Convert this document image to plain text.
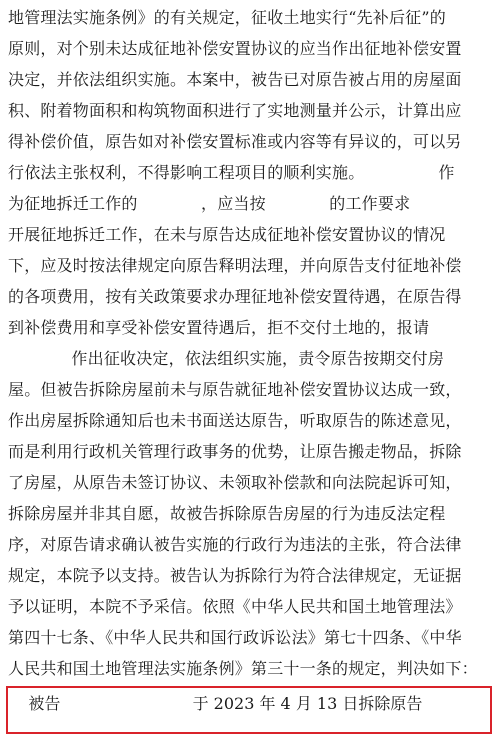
地管理法实施条例》的有关规定，征收土地实行“先补后征”的
原则，对个别未达成征地补偿安置协议的应当作出征地补偿安置
决定，并依法组织实施。本案中，被告已对原告被占用的房屋面
积、附着物面积和构筑物面积进行了实地测量并公示，计算出应
得补偿价值，原告如对补偿安置标准或内容等有异议的，可以另
行依法主张权利，不得影响工程项目的顺利实施。              作
为征地拆迁工作的            ，应当按            的工作要求
开展征地拆迁工作，在未与原告达成征地补偿安置协议的情况
下，应及时按法律规定向原告释明法理，并向原告支付征地补偿
的各项费用，按有关政策要求办理征地补偿安置待遇，在原告得
到补偿费用和享受补偿安置待遇后，拒不交付土地的，报请
作出征收决定，依法组织实施，责令原告按期交付房
屋。但被告拆除房屋前未与原告就征地补偿安置协议达成一致，
作出房屋拆除通知后也未书面送达原告，听取原告的陈述意见，
而是利用行政机关管理行政事务的优势，让原告搬走物品，拆除
了房屋，从原告未签订协议、未领取补偿款和向法院起诉可知，
拆除房屋并非其自愿，故被告拆除原告房屋的行为违反法定程
序，对原告请求确认被告实施的行政行为违法的主张，符合法律
规定，本院予以支持。被告认为拆除行为符合法律规定，无证据
予以证明，本院不予采信。依照《中华人民共和国土地管理法》
第四十七条、《中华人民共和国行政诉讼法》第七十四条、《中华
人民共和国土地管理法实施条例》第三十一条的规定，判决如下：
被告                          于 2023 年 4 月 13 日拆除原告
